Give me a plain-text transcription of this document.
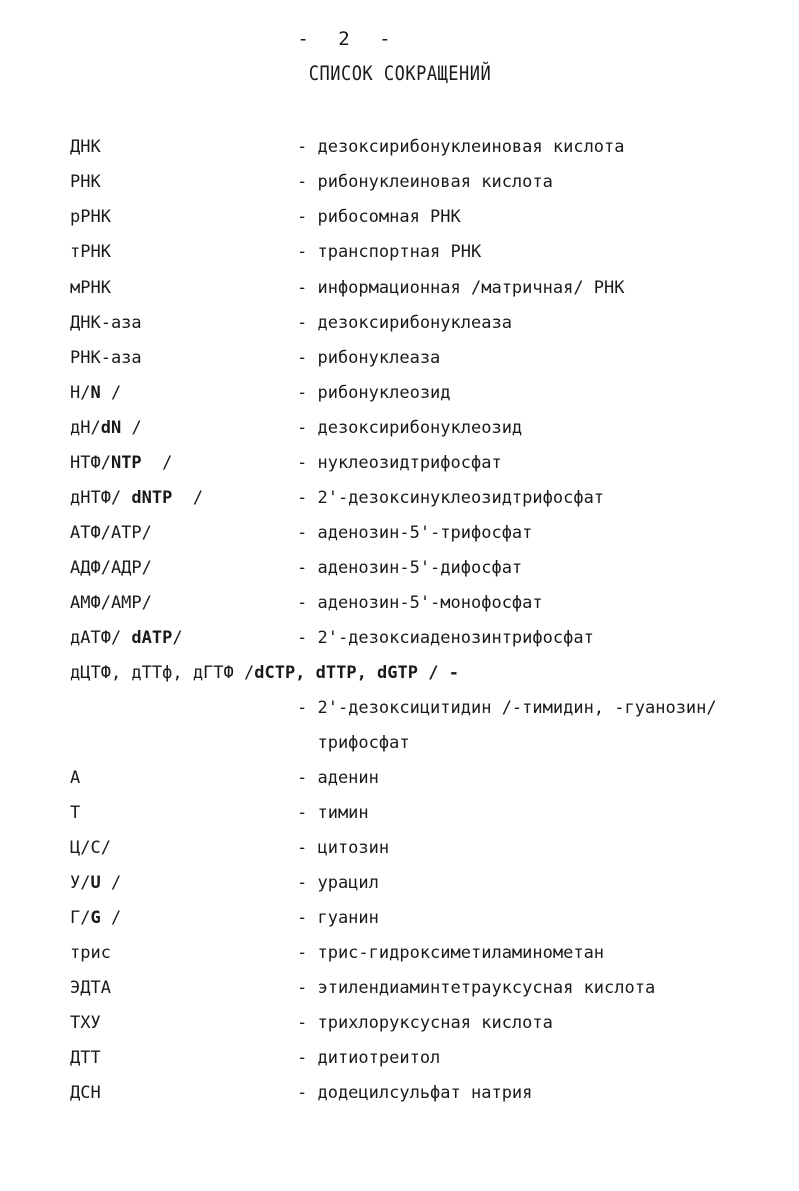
- 2 -
СПИСОК СОКРАЩЕНИЙ
ДНК	- дезоксирибонуклеиновая кислота
РНК	- рибонуклеиновая кислота
рРНК	- рибосомная РНК
тРНК	- транспортная РНК
мРНК	- информационная /матричная/ РНК
ДНК-аза	- дезоксирибонуклеаза
РНК-аза	- рибонуклеаза
Н/N /	- рибонуклеозид
дН/dN /	- дезоксирибонуклеозид
НТФ/NTP  /	- нуклеозидтрифосфат
дНТФ/ dNTP  /	- 2'-дезоксинуклеозидтрифосфат
АТФ/АТР/	- аденозин-5'-трифосфат
АДФ/АДР/	- аденозин-5'-дифосфат
АМФ/АМР/	- аденозин-5'-монофосфат
дАТФ/ dATP/	- 2'-дезоксиаденозинтрифосфат
дЦТФ, дТТф, дГТФ /dCTP, dTTP, dGTP / -
- 2'-дезоксицитидин /-тимидин, -гуанозин/
трифосфат
А	- аденин
Т	- тимин
Ц/С/	- цитозин
У/U /	- урацил
Г/G /	- гуанин
трис	- трис-гидроксиметиламинометан
ЭДТА	- этилендиаминтетрауксусная кислота
ТХУ	- трихлоруксусная кислота
ДТТ	- дитиотреитол
ДСН	- додецилсульфат натрия
